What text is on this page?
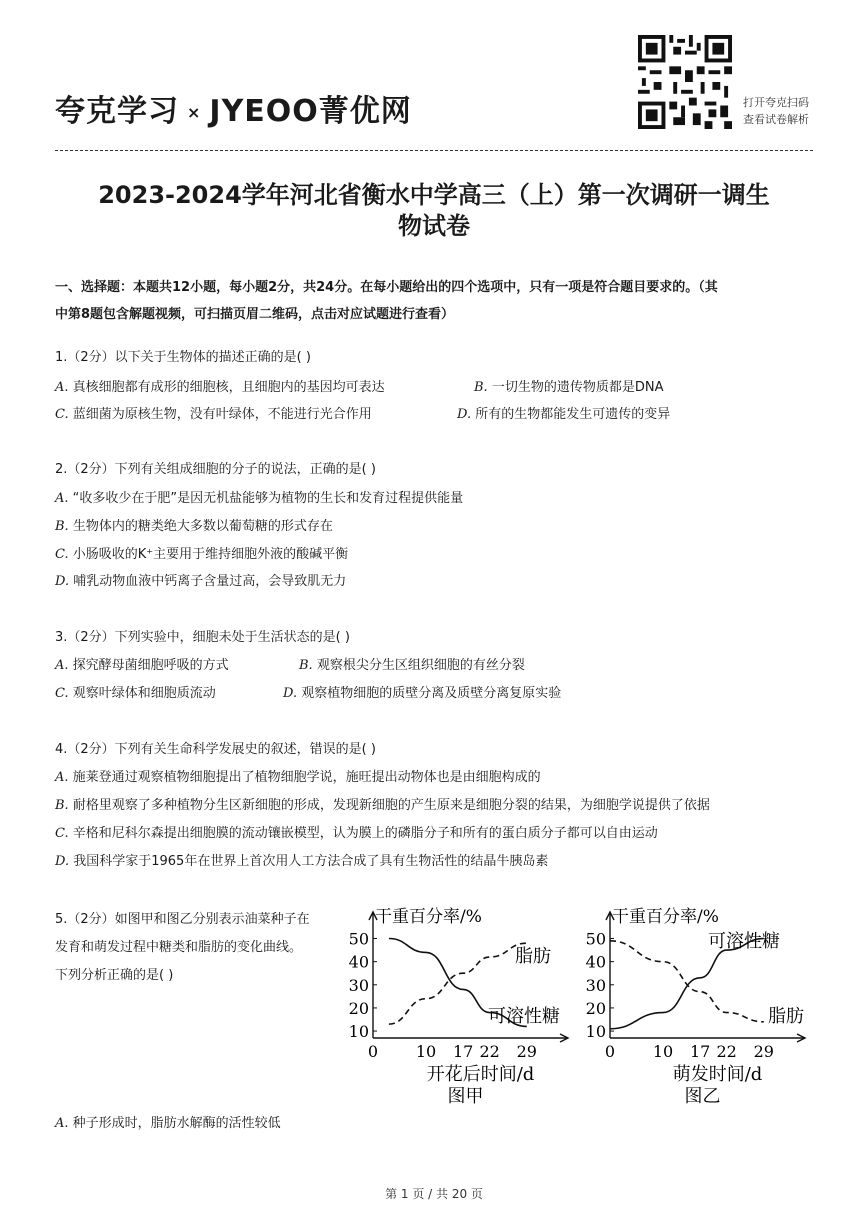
夸克学习 × JYEOO菁优网	打开夸克扫码
查看试卷解析
2023-2024学年河北省衡水中学高三（上）第一次调研一调生
物试卷
一、选择题：本题共12小题，每小题2分，共24分。在每小题给出的四个选项中，只有一项是符合题目要求的。（其
中第8题包含解题视频，可扫描页眉二维码，点击对应试题进行查看）
1.（2分）以下关于生物体的描述正确的是( )
A. 真核细胞都有成形的细胞核，且细胞内的基因均可表达	B. 一切生物的遗传物质都是DNA
C. 蓝细菌为原核生物，没有叶绿体，不能进行光合作用	D. 所有的生物都能发生可遗传的变异
2.（2分）下列有关组成细胞的分子的说法，正确的是( )
A. “收多收少在于肥”是因无机盐能够为植物的生长和发育过程提供能量
B. 生物体内的糖类绝大多数以葡萄糖的形式存在
C. 小肠吸收的K⁺主要用于维持细胞外液的酸碱平衡
D. 哺乳动物血液中钙离子含量过高，会导致肌无力
3.（2分）下列实验中，细胞未处于生活状态的是( )
A. 探究酵母菌细胞呼吸的方式	B. 观察根尖分生区组织细胞的有丝分裂
C. 观察叶绿体和细胞质流动	D. 观察植物细胞的质壁分离及质壁分离复原实验
4.（2分）下列有关生命科学发展史的叙述，错误的是( )
A. 施莱登通过观察植物细胞提出了植物细胞学说，施旺提出动物体也是由细胞构成的
B. 耐格里观察了多种植物分生区新细胞的形成，发现新细胞的产生原来是细胞分裂的结果，为细胞学说提供了依据
C. 辛格和尼科尔森提出细胞膜的流动镶嵌模型，认为膜上的磷脂分子和所有的蛋白质分子都可以自由运动
D. 我国科学家于1965年在世界上首次用人工方法合成了具有生物活性的结晶牛胰岛素
5.（2分）如图甲和图乙分别表示油菜种子在
发育和萌发过程中糖类和脂肪的变化曲线。
下列分析正确的是( )
干重百分率/%
10
20
30
40
50
0 10 17 22 29
开花后时间/d
图甲
脂肪
可溶性糖
干重百分率/%
10
20
30
40
50
0 10 17 22 29
萌发时间/d
图乙
可溶性糖
脂肪
A. 种子形成时，脂肪水解酶的活性较低
第 1 页 / 共 20 页
